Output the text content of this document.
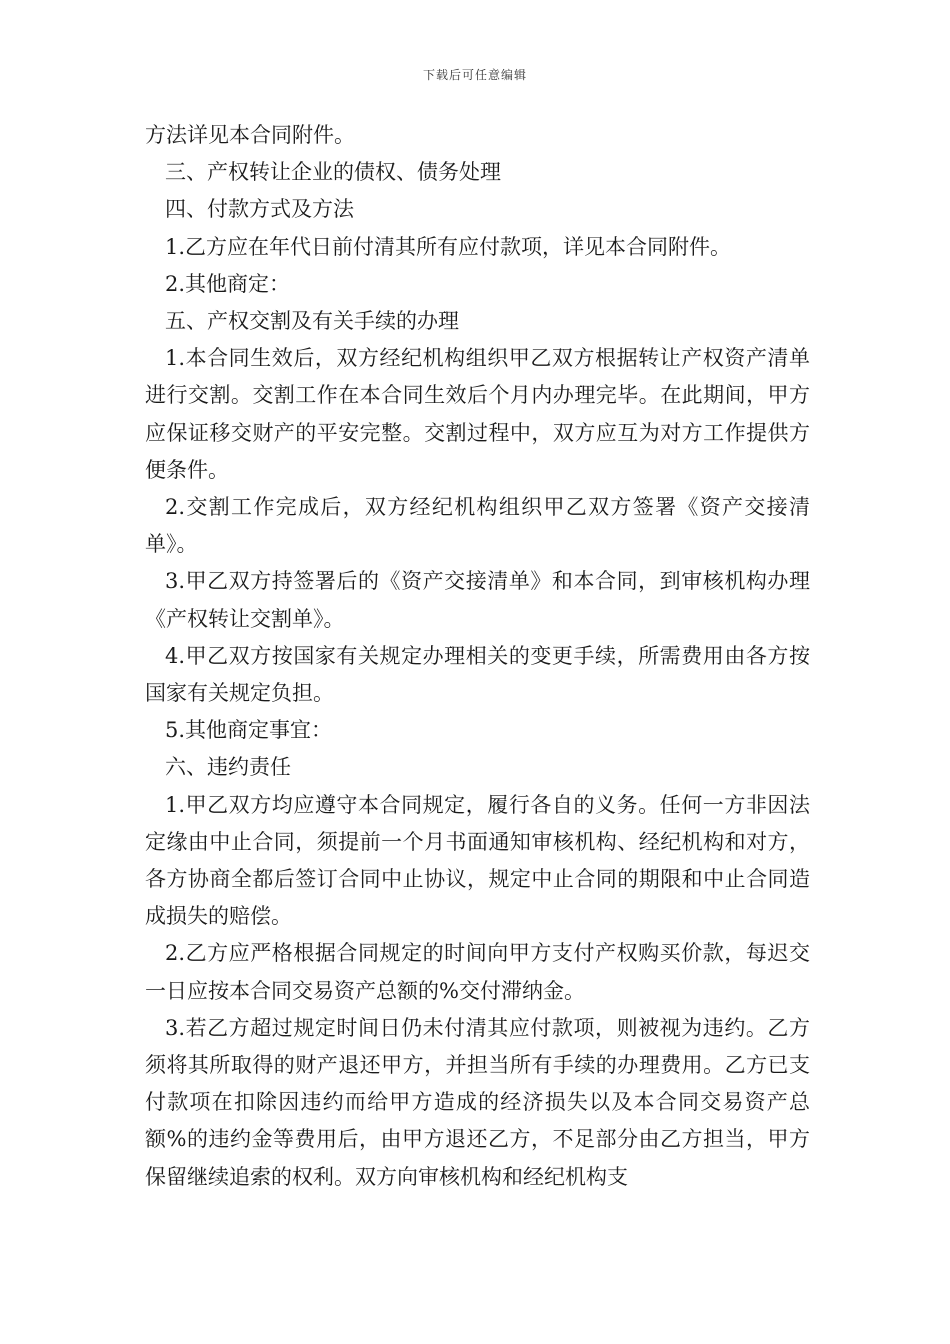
下载后可任意编辑

方法详见本合同附件。

三、产权转让企业的债权、债务处理

四、付款方式及方法

1.乙方应在年代日前付清其所有应付款项，详见本合同附件。

2.其他商定：

五、产权交割及有关手续的办理

1.本合同生效后，双方经纪机构组织甲乙双方根据转让产权资产清单进行交割。交割工作在本合同生效后个月内办理完毕。在此期间，甲方应保证移交财产的平安完整。交割过程中，双方应互为对方工作提供方便条件。

2.交割工作完成后，双方经纪机构组织甲乙双方签署《资产交接清单》。

3.甲乙双方持签署后的《资产交接清单》和本合同，到审核机构办理《产权转让交割单》。

4.甲乙双方按国家有关规定办理相关的变更手续，所需费用由各方按国家有关规定负担。

5.其他商定事宜：

六、违约责任

1.甲乙双方均应遵守本合同规定，履行各自的义务。任何一方非因法定缘由中止合同，须提前一个月书面通知审核机构、经纪机构和对方，各方协商全都后签订合同中止协议，规定中止合同的期限和中止合同造成损失的赔偿。

2.乙方应严格根据合同规定的时间向甲方支付产权购买价款，每迟交一日应按本合同交易资产总额的%交付滞纳金。

3.若乙方超过规定时间日仍未付清其应付款项，则被视为违约。乙方须将其所取得的财产退还甲方，并担当所有手续的办理费用。乙方已支付款项在扣除因违约而给甲方造成的经济损失以及本合同交易资产总额%的违约金等费用后，由甲方退还乙方，不足部分由乙方担当，甲方保留继续追索的权利。双方向审核机构和经纪机构支
